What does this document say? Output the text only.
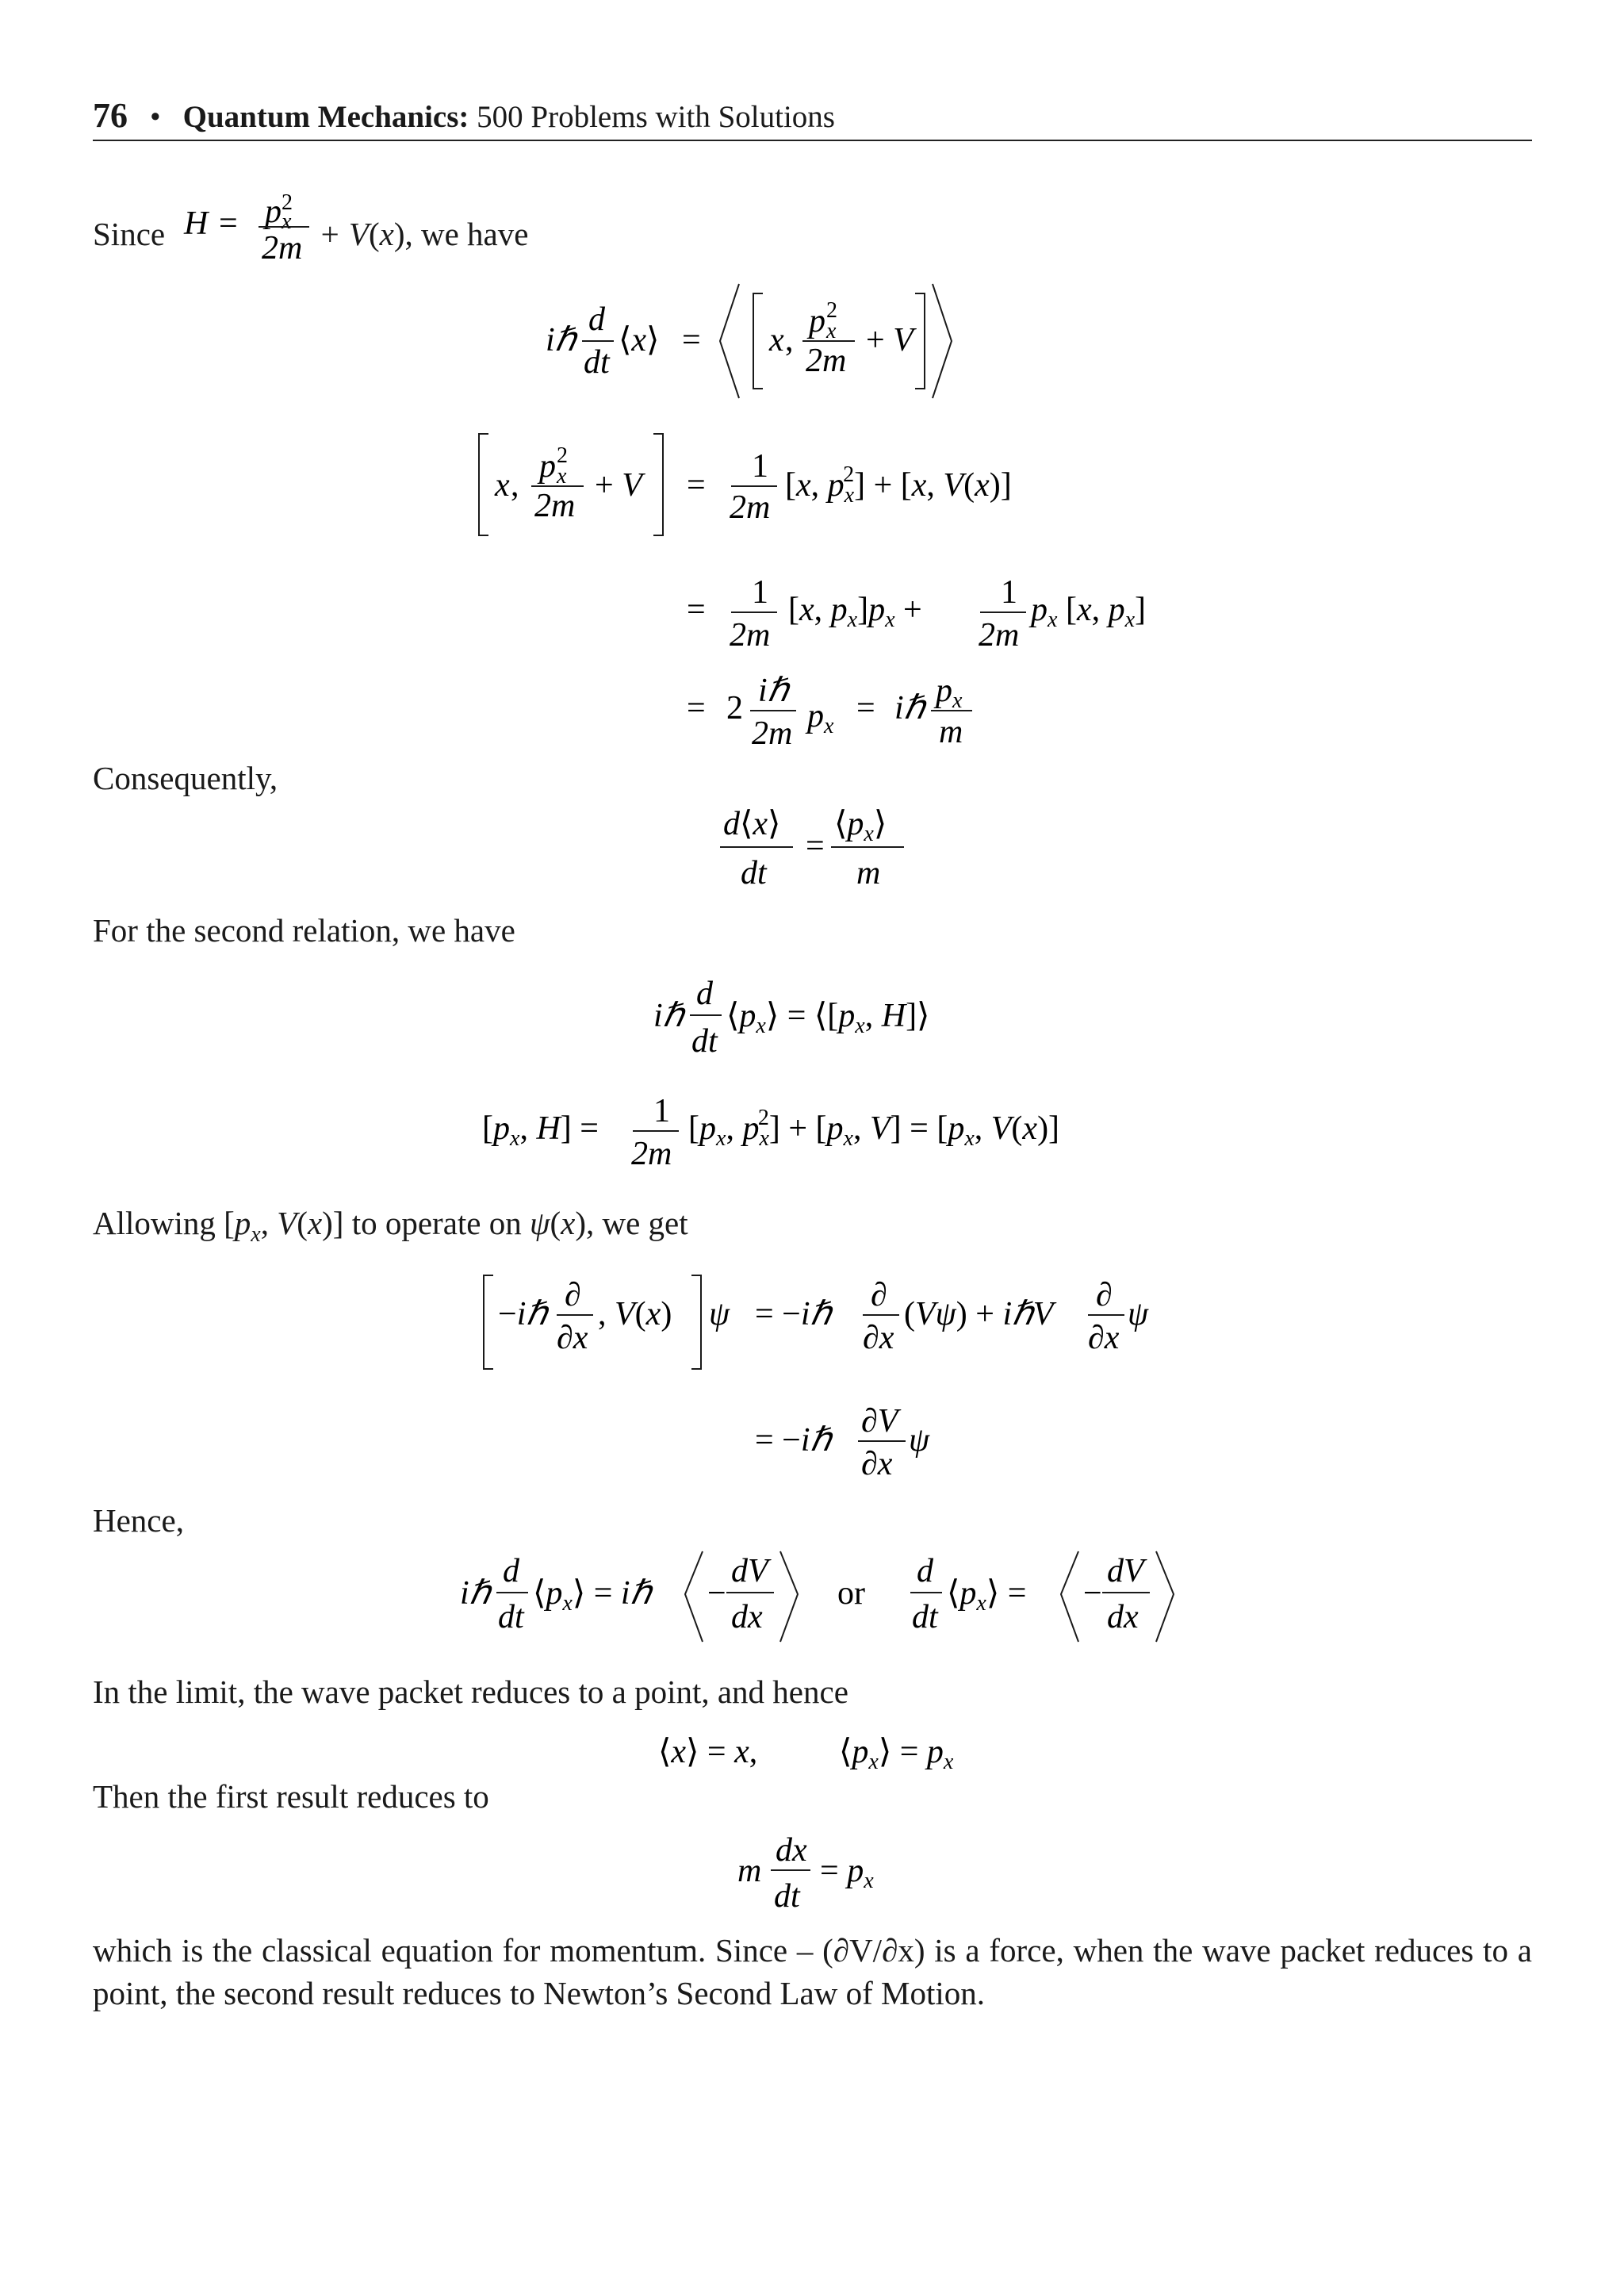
76 • Quantum Mechanics: 500 Problems with Solutions
Since H = p x
2
2m + V(x), we have
iℏ
d
dt
⟨x⟩ = x ,
p x
2
2m
+ V
x ,
p x
2
2m
+ V =
1
2m
[x, px2] + [x, V(x)]
= 1
2m
[x, px]px + 1
2m
px [x, px]
= 2 iℏ
2m px = iℏ px
m
Consequently,
d⟨x⟩
dt
=
⟨px⟩
m
For the second relation, we have
iℏ
d
dt
⟨px⟩ = ⟨[px, H]⟩
[px, H] = 1
2m
[px, px2] + [px, V] = [px, V(x)]
Allowing [$p_x$, V(x)] to operate on ψ(x), we get
−iℏ
∂
∂x
, V(x) ψ = −iℏ
∂
∂x
(Vψ) + iℏV
∂
∂x
ψ
= −iℏ
∂V
∂x
ψ
Hence,
iℏ
d
dt
⟨px⟩ = iℏ −
dV
dx
or
d
dt
⟨px⟩ = −
dV
dx
In the limit, the wave packet reduces to a point, and hence
⟨x⟩ = x, ⟨px⟩ = px
Then the first result reduces to
m
dx
dt
= px
which is the classical equation for momentum. Since – (∂V/∂x) is a force, when the wave packet reduces to a point, the second result reduces to Newton’s Second Law of Motion.
